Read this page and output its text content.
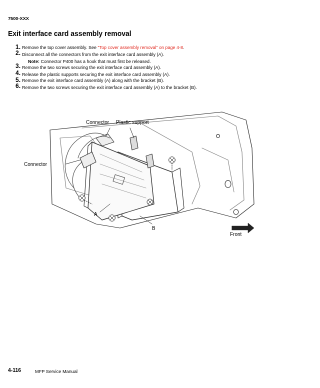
7500-XXX
Exit interface card assembly removal
1. Remove the top cover assembly. See “Top cover assembly removal” on page 4-8.
2. Disconnect all the connectors from the exit interface card assembly (A).
Note: Connector P400 has a hook that must first be released.
3. Remove the two screws securing the exit interface card assembly (A).
4. Release the plastic supports securing the exit interface card assembly (A).
5. Remove the exit interface card assembly (A) along with the bracket (B).
6. Remove the two screws securing the exit interface card assembly (A) to the bracket (B).
Connector Plastic support
Connector
A
B
Front
4-116	MFP Service Manual
